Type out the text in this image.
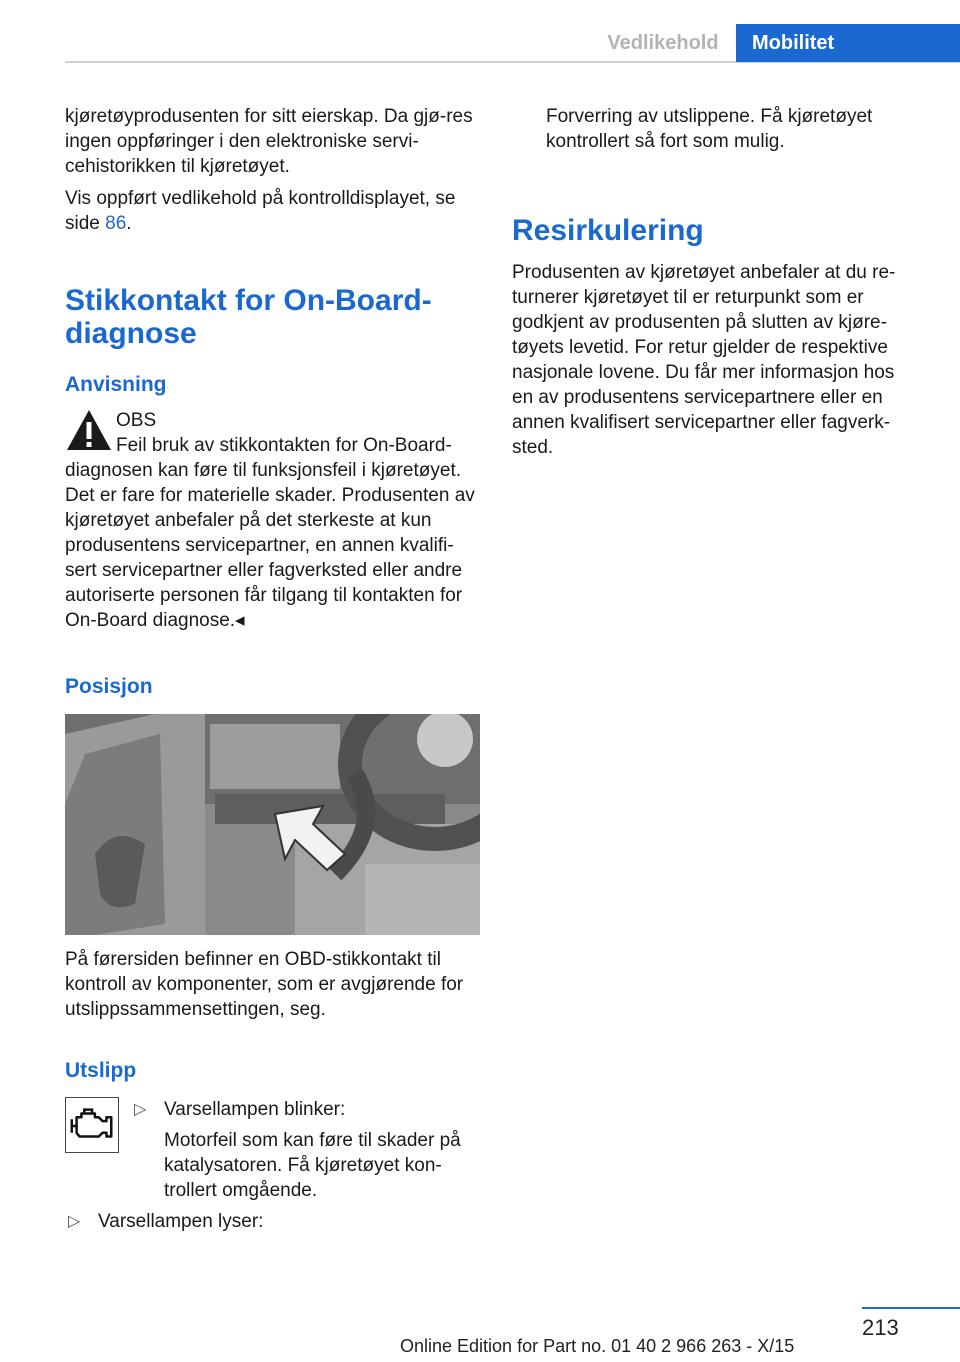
Vedlikehold	Mobilitet

kjøretøyprodusenten for sitt eierskap. Da gjø-res ingen oppføringer i den elektroniske servi-cehistorikken til kjøretøyet.

Vis oppført vedlikehold på kontrolldisplayet, se side 86.

Stikkontakt for On-Board-diagnose
Anvisning
OBS
Feil bruk av stikkontakten for On-Board-
diagnosen kan føre til funksjonsfeil i kjøretøyet. Det er fare for materielle skader. Produsenten av kjøretøyet anbefaler på det sterkeste at kun produsentens servicepartner, en annen kvalifi-sert servicepartner eller fagverksted eller andre autoriserte personen får tilgang til kontakten for On-Board diagnose.◂
Posisjon
På førersiden befinner en OBD-stikkontakt til kontroll av komponenter, som er avgjørende for utslippssammensettingen, seg.
Utslipp
▷ Varsellampen blinker:
Motorfeil som kan føre til skader på katalysatoren. Få kjøretøyet kon-trollert omgående.
▷ Varsellampen lyser:
Forverring av utslippene. Få kjøretøyet kontrollert så fort som mulig.
Resirkulering
Produsenten av kjøretøyet anbefaler at du re-turnerer kjøretøyet til er returpunkt som er godkjent av produsenten på slutten av kjøre-tøyets levetid. For retur gjelder de respektive nasjonale lovene. Du får mer informasjon hos en av produsentens servicepartnere eller en annen kvalifisert servicepartner eller fagverk-sted.
213
Online Edition for Part no. 01 40 2 966 263 - X/15
